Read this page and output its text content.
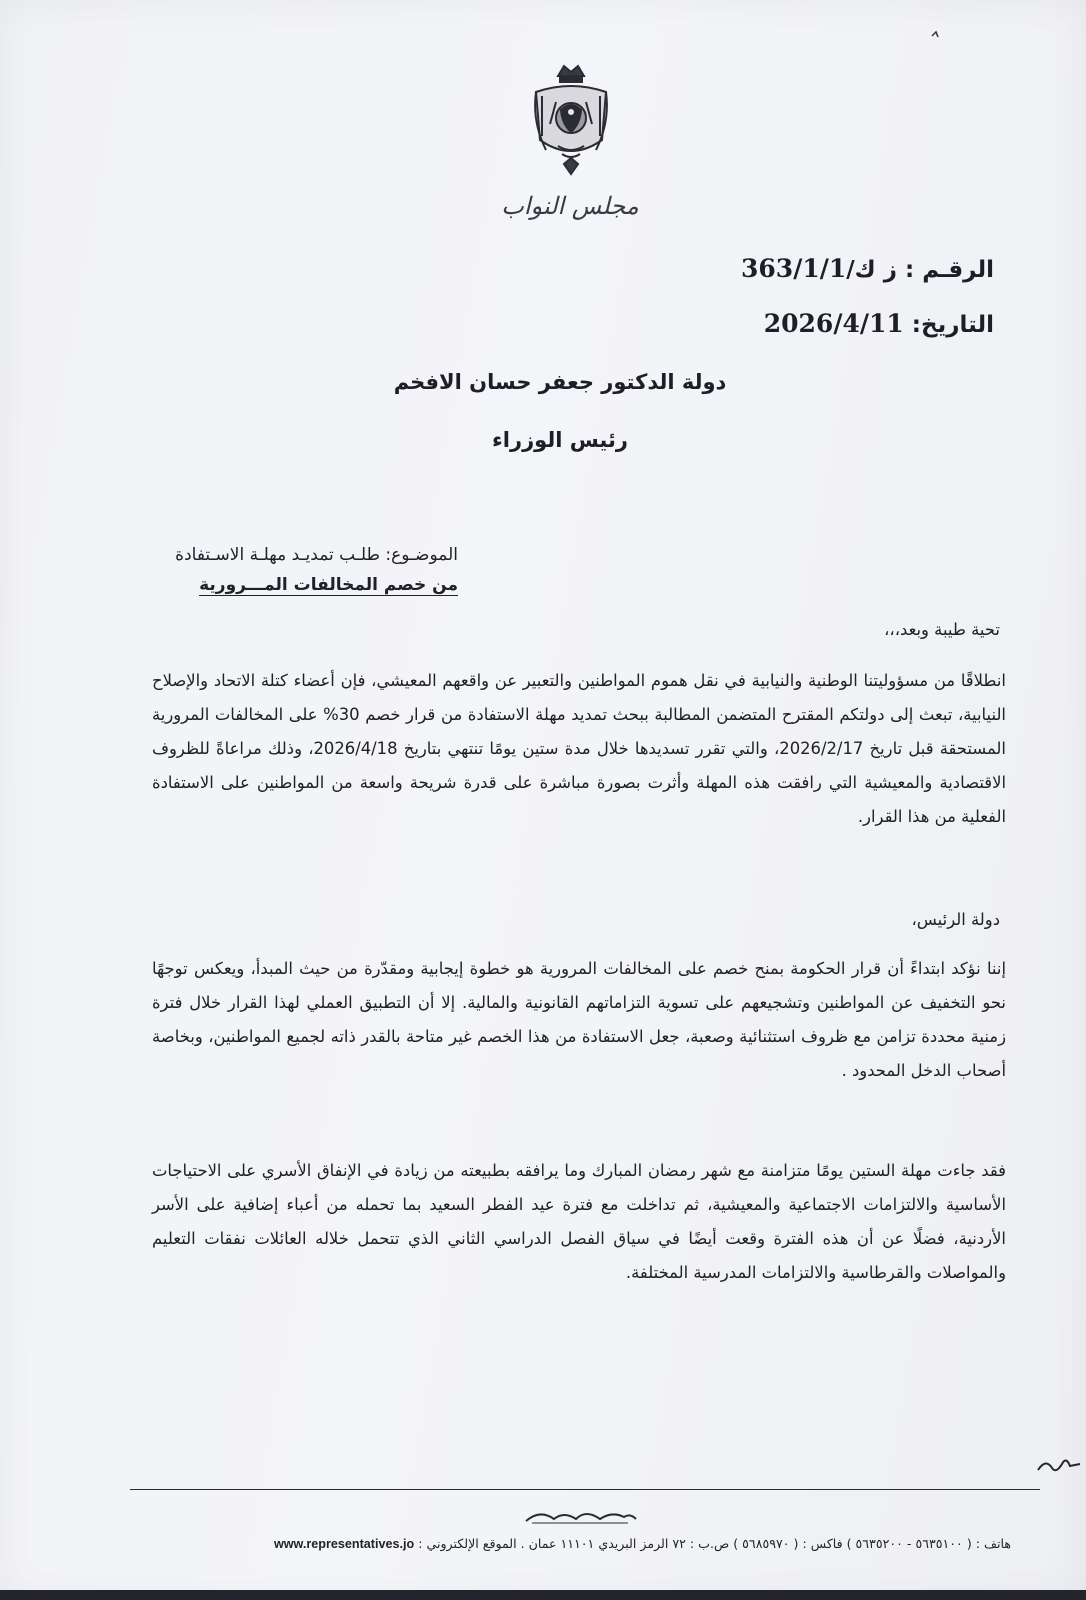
مجلس النواب
الرقـم : ز ك/363/1/1
التاريخ: 2026/4/11
دولة الدكتور جعفر حسان الافخم
رئيس الوزراء
الموضـوع: طلـب تمديـد مهلـة الاسـتفادة
من خصم المخالفات المـــرورية
تحية طيبة وبعد،،،
انطلاقًا من مسؤوليتنا الوطنية والنيابية في نقل هموم المواطنين والتعبير عن واقعهم المعيشي، فإن أعضاء كتلة الاتحاد والإصلاح النيابية، تبعث إلى دولتكم المقترح المتضمن المطالبة ببحث تمديد مهلة الاستفادة من قرار خصم 30% على المخالفات المرورية المستحقة قبل تاريخ 2026/2/17، والتي تقرر تسديدها خلال مدة ستين يومًا تنتهي بتاريخ 2026/4/18، وذلك مراعاةً للظروف الاقتصادية والمعيشية التي رافقت هذه المهلة وأثرت بصورة مباشرة على قدرة شريحة واسعة من المواطنين على الاستفادة الفعلية من هذا القرار.
دولة الرئيس،
إننا نؤكد ابتداءً أن قرار الحكومة بمنح خصم على المخالفات المرورية هو خطوة إيجابية ومقدّرة من حيث المبدأ، ويعكس توجهًا نحو التخفيف عن المواطنين وتشجيعهم على تسوية التزاماتهم القانونية والمالية. إلا أن التطبيق العملي لهذا القرار خلال فترة زمنية محددة تزامن مع ظروف استثنائية وصعبة، جعل الاستفادة من هذا الخصم غير متاحة بالقدر ذاته لجميع المواطنين، وبخاصة أصحاب الدخل المحدود .
فقد جاءت مهلة الستين يومًا متزامنة مع شهر رمضان المبارك وما يرافقه بطبيعته من زيادة في الإنفاق الأسري على الاحتياجات الأساسية والالتزامات الاجتماعية والمعيشية، ثم تداخلت مع فترة عيد الفطر السعيد بما تحمله من أعباء إضافية على الأسر الأردنية، فضلًا عن أن هذه الفترة وقعت أيضًا في سياق الفصل الدراسي الثاني الذي تتحمل خلاله العائلات نفقات التعليم والمواصلات والقرطاسية والالتزامات المدرسية المختلفة.
هاتف : ( ٥٦٣٥١٠٠ - ٥٦٣٥٢٠٠ ) فاكس : ( ٥٦٨٥٩٧٠ ) ص.ب : ٧٢ الرمز البريدي ١١١٠١ عمان . الموقع الإلكتروني : www.representatives.jo
